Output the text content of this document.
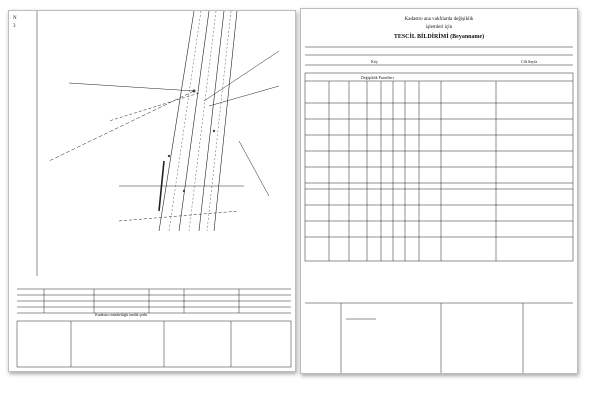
N
3
Kadastro müdürlüğü tasdik şerhi
Kadastro ana vakfılarda değişiklik
işlemleri için
TESCİL BİLDİRİMİ (Beyanname)
Köy	Cilt Sayfa
Değişiklik Parselleri
